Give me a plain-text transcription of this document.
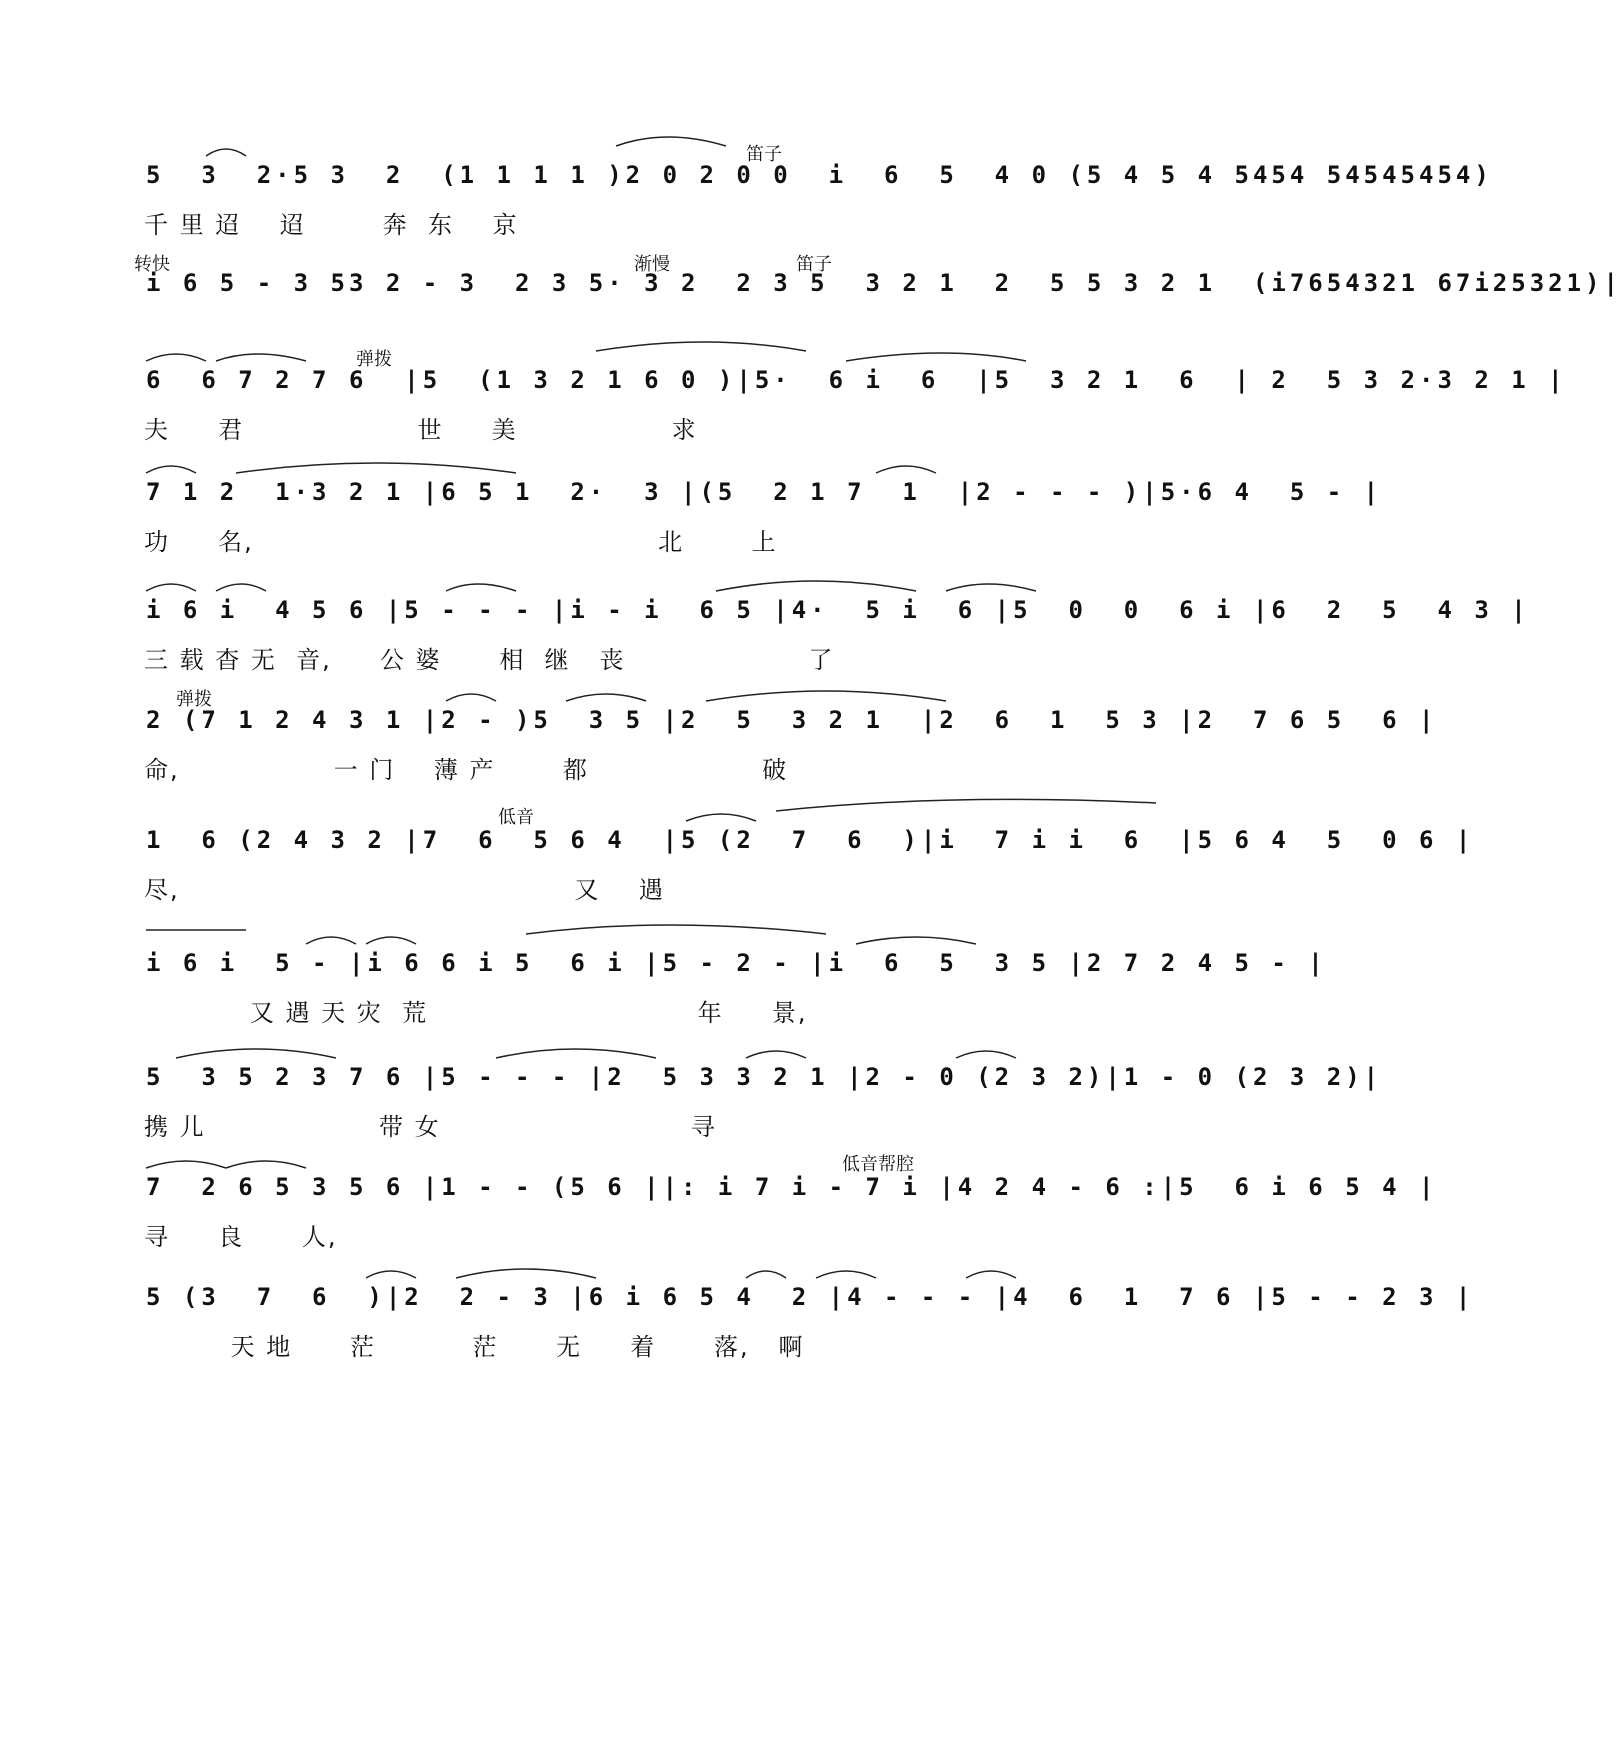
笛子
5  3  2·5 3  2  (1 1 1 1 )2 0 2 0 0  i  6  5  4 0 (5 4 5 4 5454 54545454)
千 里 迢    迢        奔  东    京
转快	渐慢	笛子
i 6 5 - 3 53 2 - 3  2 3 5· 3 2  2 3 5  3 2 1  2  5 5 3 2 1  (i7654321 67i25321)|
弹拨
6  6 7 2 7 6  |5  (1 3 2 1 6 0 )|5·  6 i  6  |5  3 2 1  6  | 2  5 3 2·3 2 1 |
夫     君                  世     美                求
7 1 2  1·3 2 1 |6 5 1  2·  3 |(5  2 1 7  1  |2 - - - )|5·6 4  5 - |
功     名,                                          北       上
i 6 i  4 5 6 |5 - - - |i - i  6 5 |4·  5 i  6 |5  0  0  6 i |6  2  5  4 3 |
三 载 杳 无  音,     公 婆      相  继   丧                   了
弹拨
2 (7 1 2 4 3 1 |2 - )5  3 5 |2  5  3 2 1  |2  6  1  5 3 |2  7 6 5  6 |
命,                一 门    薄 产       都                  破
低音
1  6 (2 4 3 2 |7  6  5 6 4  |5 (2  7  6  )|i  7 i i  6  |5 6 4  5  0 6 |
尽,                                         又    遇
i 6 i  5 - |i 6 6 i 5  6 i |5 - 2 - |i  6  5  3 5 |2 7 2 4 5 - |
又 遇 天 灾  荒                            年     景,
5  3 5 2 3 7 6 |5 - - - |2  5 3 3 2 1 |2 - 0 (2 3 2)|1 - 0 (2 3 2)|
携 儿                  带 女                          寻
低音帮腔
7  2 6 5 3 5 6 |1 - - (5 6 ||: i 7 i - 7 i |4 2 4 - 6 :|5  6 i 6 5 4 |
寻     良      人,
5 (3  7  6  )|2  2 - 3 |6 i 6 5 4  2 |4 - - - |4  6  1  7 6 |5 - - 2 3 |
天 地      茫          茫      无     着      落,   啊
